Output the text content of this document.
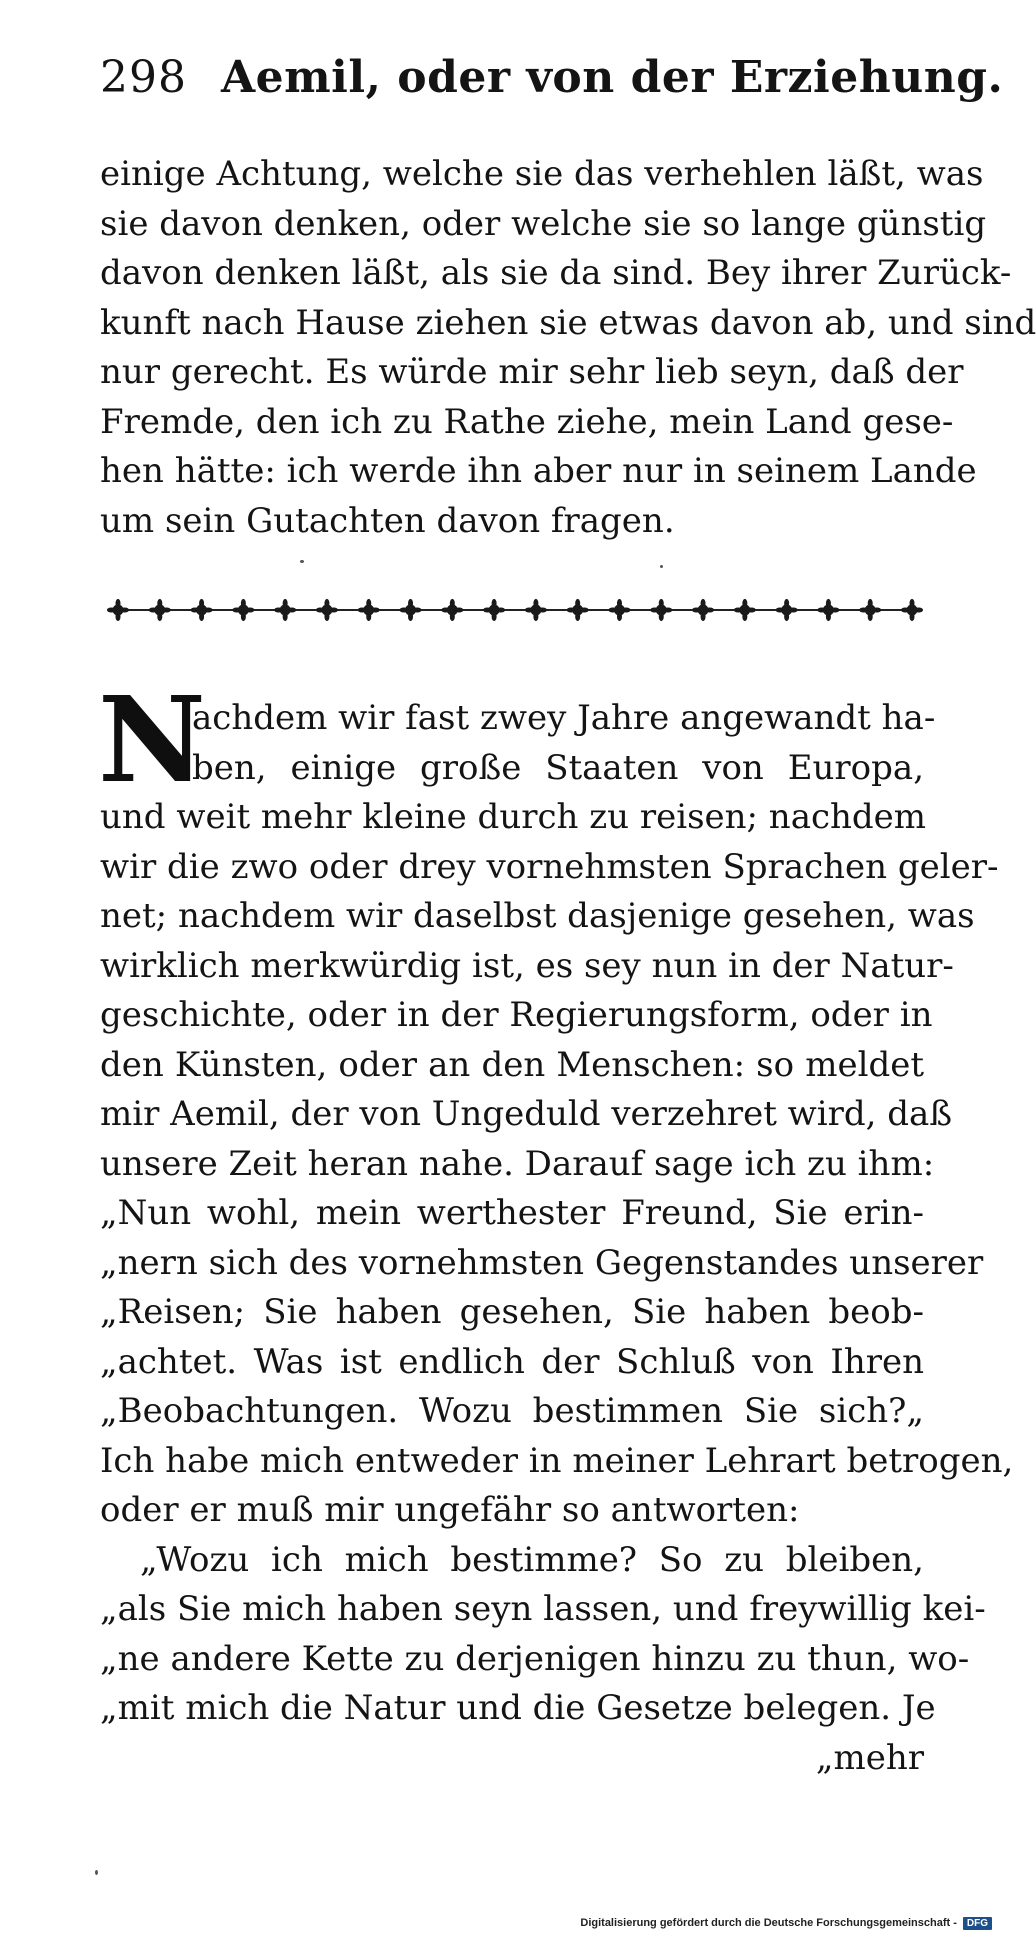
298 Aemil, oder von der Erziehung.
einige Achtung, welche sie das verhehlen läßt, was
sie davon denken, oder welche sie so lange günstig
davon denken läßt, als sie da sind. Bey ihrer Zurück-
kunft nach Hause ziehen sie etwas davon ab, und sind
nur gerecht. Es würde mir sehr lieb seyn, daß der
Fremde, den ich zu Rathe ziehe, mein Land gese-
hen hätte: ich werde ihn aber nur in seinem Lande
um sein Gutachten davon fragen.
N
achdem wir fast zwey Jahre angewandt ha-
ben, einige große Staaten von Europa,
und weit mehr kleine durch zu reisen; nachdem
wir die zwo oder drey vornehmsten Sprachen geler-
net; nachdem wir daselbst dasjenige gesehen, was
wirklich merkwürdig ist, es sey nun in der Natur-
geschichte, oder in der Regierungsform, oder in
den Künsten, oder an den Menschen: so meldet
mir Aemil, der von Ungeduld verzehret wird, daß
unsere Zeit heran nahe. Darauf sage ich zu ihm:
„Nun wohl, mein werthester Freund, Sie erin-
„nern sich des vornehmsten Gegenstandes unserer
„Reisen; Sie haben gesehen, Sie haben beob-
„achtet. Was ist endlich der Schluß von Ihren
„Beobachtungen. Wozu bestimmen Sie sich?„
Ich habe mich entweder in meiner Lehrart betrogen,
oder er muß mir ungefähr so antworten:
„Wozu ich mich bestimme? So zu bleiben,
„als Sie mich haben seyn lassen, und freywillig kei-
„ne andere Kette zu derjenigen hinzu zu thun, wo-
„mit mich die Natur und die Gesetze belegen. Je
„mehr
Digitalisierung gefördert durch die Deutsche Forschungsgemeinschaft -	DFG
